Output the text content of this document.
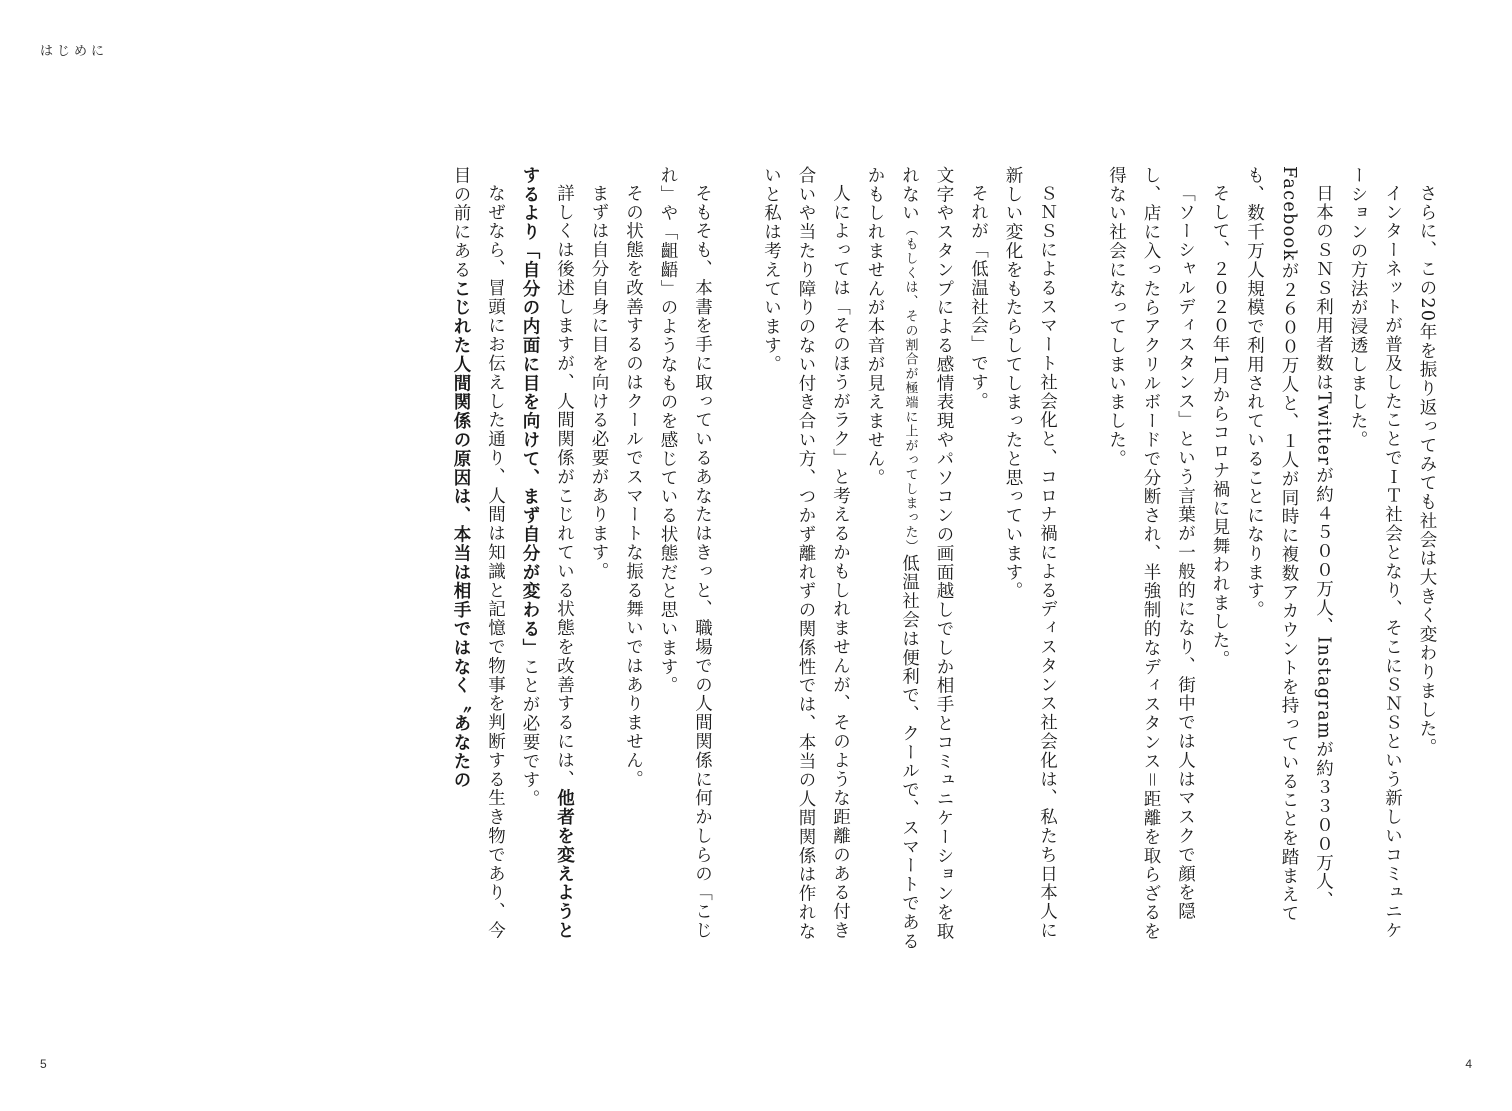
はじめに

さらに、この20年を振り返ってみても社会は大きく変わりました。

インターネットが普及したことでＩＴ社会となり、そこにＳＮＳという新しいコミュニケーションの方法が浸透しました。

日本のＳＮＳ利用者数はTwitterが約４５００万人、Instagramが約３３００万人、Facebookが２６００万人と、１人が同時に複数アカウントを持っていることを踏まえても、数千万人規模で利用されていることになります。

そして、２０２０年1月からコロナ禍に見舞われました。

「ソーシャルディスタンス」という言葉が一般的になり、街中では人はマスクで顔を隠し、店に入ったらアクリルボードで分断され、半強制的なディスタンス＝距離を取らざるを得ない社会になってしまいました。

ＳＮＳによるスマート社会化と、コロナ禍によるディスタンス社会化は、私たち日本人に新しい変化をもたらしてしまったと思っています。

それが「低温社会」です。

文字やスタンプによる感情表現やパソコンの画面越しでしか相手とコミュニケーションを取れない（もしくは、その割合が極端に上がってしまった）低温社会は便利で、クールで、スマートであるかもしれませんが本音が見えません。

人によっては「そのほうがラク」と考えるかもしれませんが、そのような距離のある付き合いや当たり障りのない付き合い方、つかず離れずの関係性では、本当の人間関係は作れないと私は考えています。

そもそも、本書を手に取っているあなたはきっと、職場での人間関係に何かしらの「こじれ」や「齟齬」のようなものを感じている状態だと思います。

その状態を改善するのはクールでスマートな振る舞いではありません。

まずは自分自身に目を向ける必要があります。

詳しくは後述しますが、人間関係がこじれている状態を改善するには、他者を変えようとするより「自分の内面に目を向けて、まず自分が変わる」ことが必要です。

なぜなら、冒頭にお伝えした通り、人間は知識と記憶で物事を判断する生き物であり、今目の前にあるこじれた人間関係の原因は、本当は相手ではなく〝あなたの

5	4
